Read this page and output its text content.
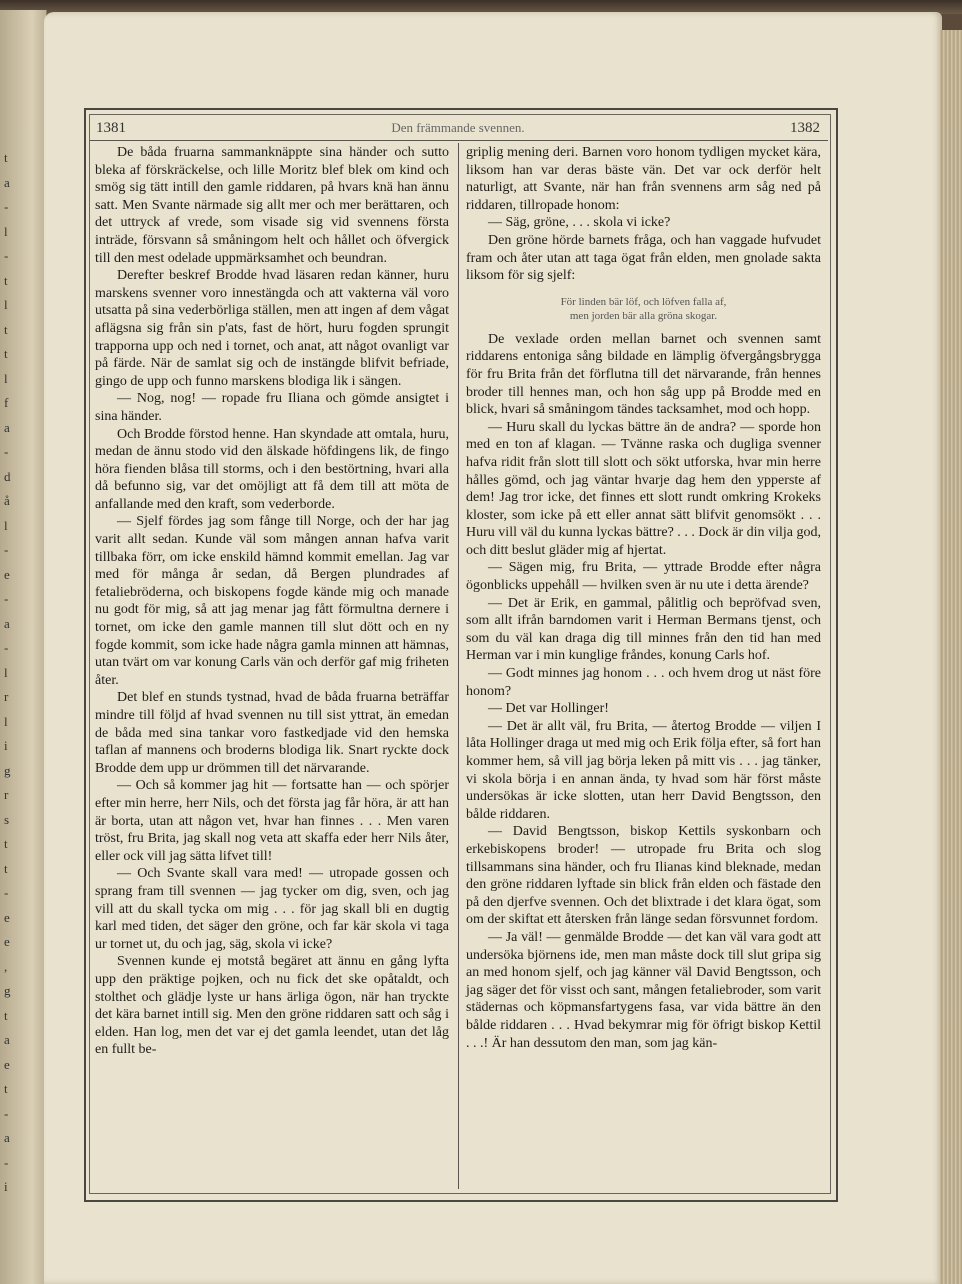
t
a
-
l
-
t
l
t
t
l
f
a
-
d
å
l
-
e
-
a
-
l
r
l
i
g
r
s
t
t
-
e
e
,
g
t
a
e
t
-
a
-
i
1381	Den främmande svennen.	1382

De båda fruarna sammanknäppte sina händer och sutto bleka af förskräckelse, och lille Moritz blef blek om kind och smög sig tätt intill den gamle riddaren, på hvars knä han ännu satt. Men Svante närmade sig allt mer och mer berättaren, och det uttryck af vrede, som visade sig vid svennens första inträde, försvann så småningom helt och hållet och öfvergick till den mest odelade uppmärksamhet och beundran.

Derefter beskref Brodde hvad läsaren redan känner, huru marskens svenner voro innestängda och att vakterna väl voro utsatta på sina vederbörliga ställen, men att ingen af dem vågat aflägsna sig från sin p'ats, fast de hört, huru fogden sprungit trapporna upp och ned i tornet, och anat, att något ovanligt var på färde. När de samlat sig och de instängde blifvit befriade, gingo de upp och funno marskens blodiga lik i sängen.

— Nog, nog! — ropade fru Iliana och gömde ansigtet i sina händer.

Och Brodde förstod henne. Han skyndade att omtala, huru, medan de ännu stodo vid den älskade höfdingens lik, de fingo höra fienden blåsa till storms, och i den bestörtning, hvari alla då befunno sig, var det omöjligt att få dem till att möta de anfallande med den kraft, som vederborde.

— Sjelf fördes jag som fånge till Norge, och der har jag varit allt sedan. Kunde väl som mången annan hafva varit tillbaka förr, om icke enskild hämnd kommit emellan. Jag var med för många år sedan, då Bergen plundrades af fetaliebröderna, och biskopens fogde kände mig och manade nu godt för mig, så att jag menar jag fått förmultna dernere i tornet, om icke den gamle mannen till slut dött och en ny fogde kommit, som icke hade några gamla minnen att hämnas, utan tvärt om var konung Carls vän och derför gaf mig friheten åter.

Det blef en stunds tystnad, hvad de båda fruarna beträffar mindre till följd af hvad svennen nu till sist yttrat, än emedan de båda med sina tankar voro fastkedjade vid den hemska taflan af mannens och broderns blodiga lik. Snart ryckte dock Brodde dem upp ur drömmen till det närvarande.

— Och så kommer jag hit — fortsatte han — och spörjer efter min herre, herr Nils, och det första jag får höra, är att han är borta, utan att någon vet, hvar han finnes . . . Men varen tröst, fru Brita, jag skall nog veta att skaffa eder herr Nils åter, eller ock vill jag sätta lifvet till!

— Och Svante skall vara med! — utropade gossen och sprang fram till svennen — jag tycker om dig, sven, och jag vill att du skall tycka om mig . . . för jag skall bli en dugtig karl med tiden, det säger den gröne, och far kär skola vi taga ur tornet ut, du och jag, säg, skola vi icke?

Svennen kunde ej motstå begäret att ännu en gång lyfta upp den präktige pojken, och nu fick det ske opåtaldt, och stolthet och glädje lyste ur hans ärliga ögon, när han tryckte det kära barnet intill sig. Men den gröne riddaren satt och såg i elden. Han log, men det var ej det gamla leendet, utan det låg en fullt be-

griplig mening deri. Barnen voro honom tydligen mycket kära, liksom han var deras bäste vän. Det var ock derför helt naturligt, att Svante, när han från svennens arm såg ned på riddaren, tillropade honom:

— Säg, gröne, . . . skola vi icke?

Den gröne hörde barnets fråga, och han vaggade hufvudet fram och åter utan att taga ögat från elden, men gnolade sakta liksom för sig sjelf:

För linden bär löf, och löfven falla af,
men jorden bär alla gröna skogar.

De vexlade orden mellan barnet och svennen samt riddarens entoniga sång bildade en lämplig öfvergångsbrygga för fru Brita från det förflutna till det närvarande, från hennes broder till hennes man, och hon såg upp på Brodde med en blick, hvari så småningom tändes tacksamhet, mod och hopp.

— Huru skall du lyckas bättre än de andra? — sporde hon med en ton af klagan. — Tvänne raska och dugliga svenner hafva ridit från slott till slott och sökt utforska, hvar min herre hålles gömd, och jag väntar hvarje dag hem den ypperste af dem! Jag tror icke, det finnes ett slott rundt omkring Krokeks kloster, som icke på ett eller annat sätt blifvit genomsökt . . . Huru vill väl du kunna lyckas bättre? . . . Dock är din vilja god, och ditt beslut gläder mig af hjertat.

— Sägen mig, fru Brita, — yttrade Brodde efter några ögonblicks uppehåll — hvilken sven är nu ute i detta ärende?

— Det är Erik, en gammal, pålitlig och bepröfvad sven, som allt ifrån barndomen varit i Herman Bermans tjenst, och som du väl kan draga dig till minnes från den tid han med Herman var i min kunglige fråndes, konung Carls hof.

— Godt minnes jag honom . . . och hvem drog ut näst före honom?

— Det var Hollinger!

— Det är allt väl, fru Brita, — återtog Brodde — viljen I låta Hollinger draga ut med mig och Erik följa efter, så fort han kommer hem, så vill jag börja leken på mitt vis . . . jag tänker, vi skola börja i en annan ända, ty hvad som här först måste undersökas är icke slotten, utan herr David Bengtsson, den bålde riddaren.

— David Bengtsson, biskop Kettils syskonbarn och erkebiskopens broder! — utropade fru Brita och slog tillsammans sina händer, och fru Ilianas kind bleknade, medan den gröne riddaren lyftade sin blick från elden och fästade den på den djerfve svennen. Och det blixtrade i det klara ögat, som om der skiftat ett återsken från länge sedan försvunnet fordom.

— Ja väl! — genmälde Brodde — det kan väl vara godt att undersöka björnens ide, men man måste dock till slut gripa sig an med honom sjelf, och jag känner väl David Bengtsson, och jag säger det för visst och sant, mången fetaliebroder, som varit städernas och köpmansfartygens fasa, var vida bättre än den bålde riddaren . . . Hvad bekymrar mig för öfrigt biskop Kettil . . .! Är han dessutom den man, som jag kän-
